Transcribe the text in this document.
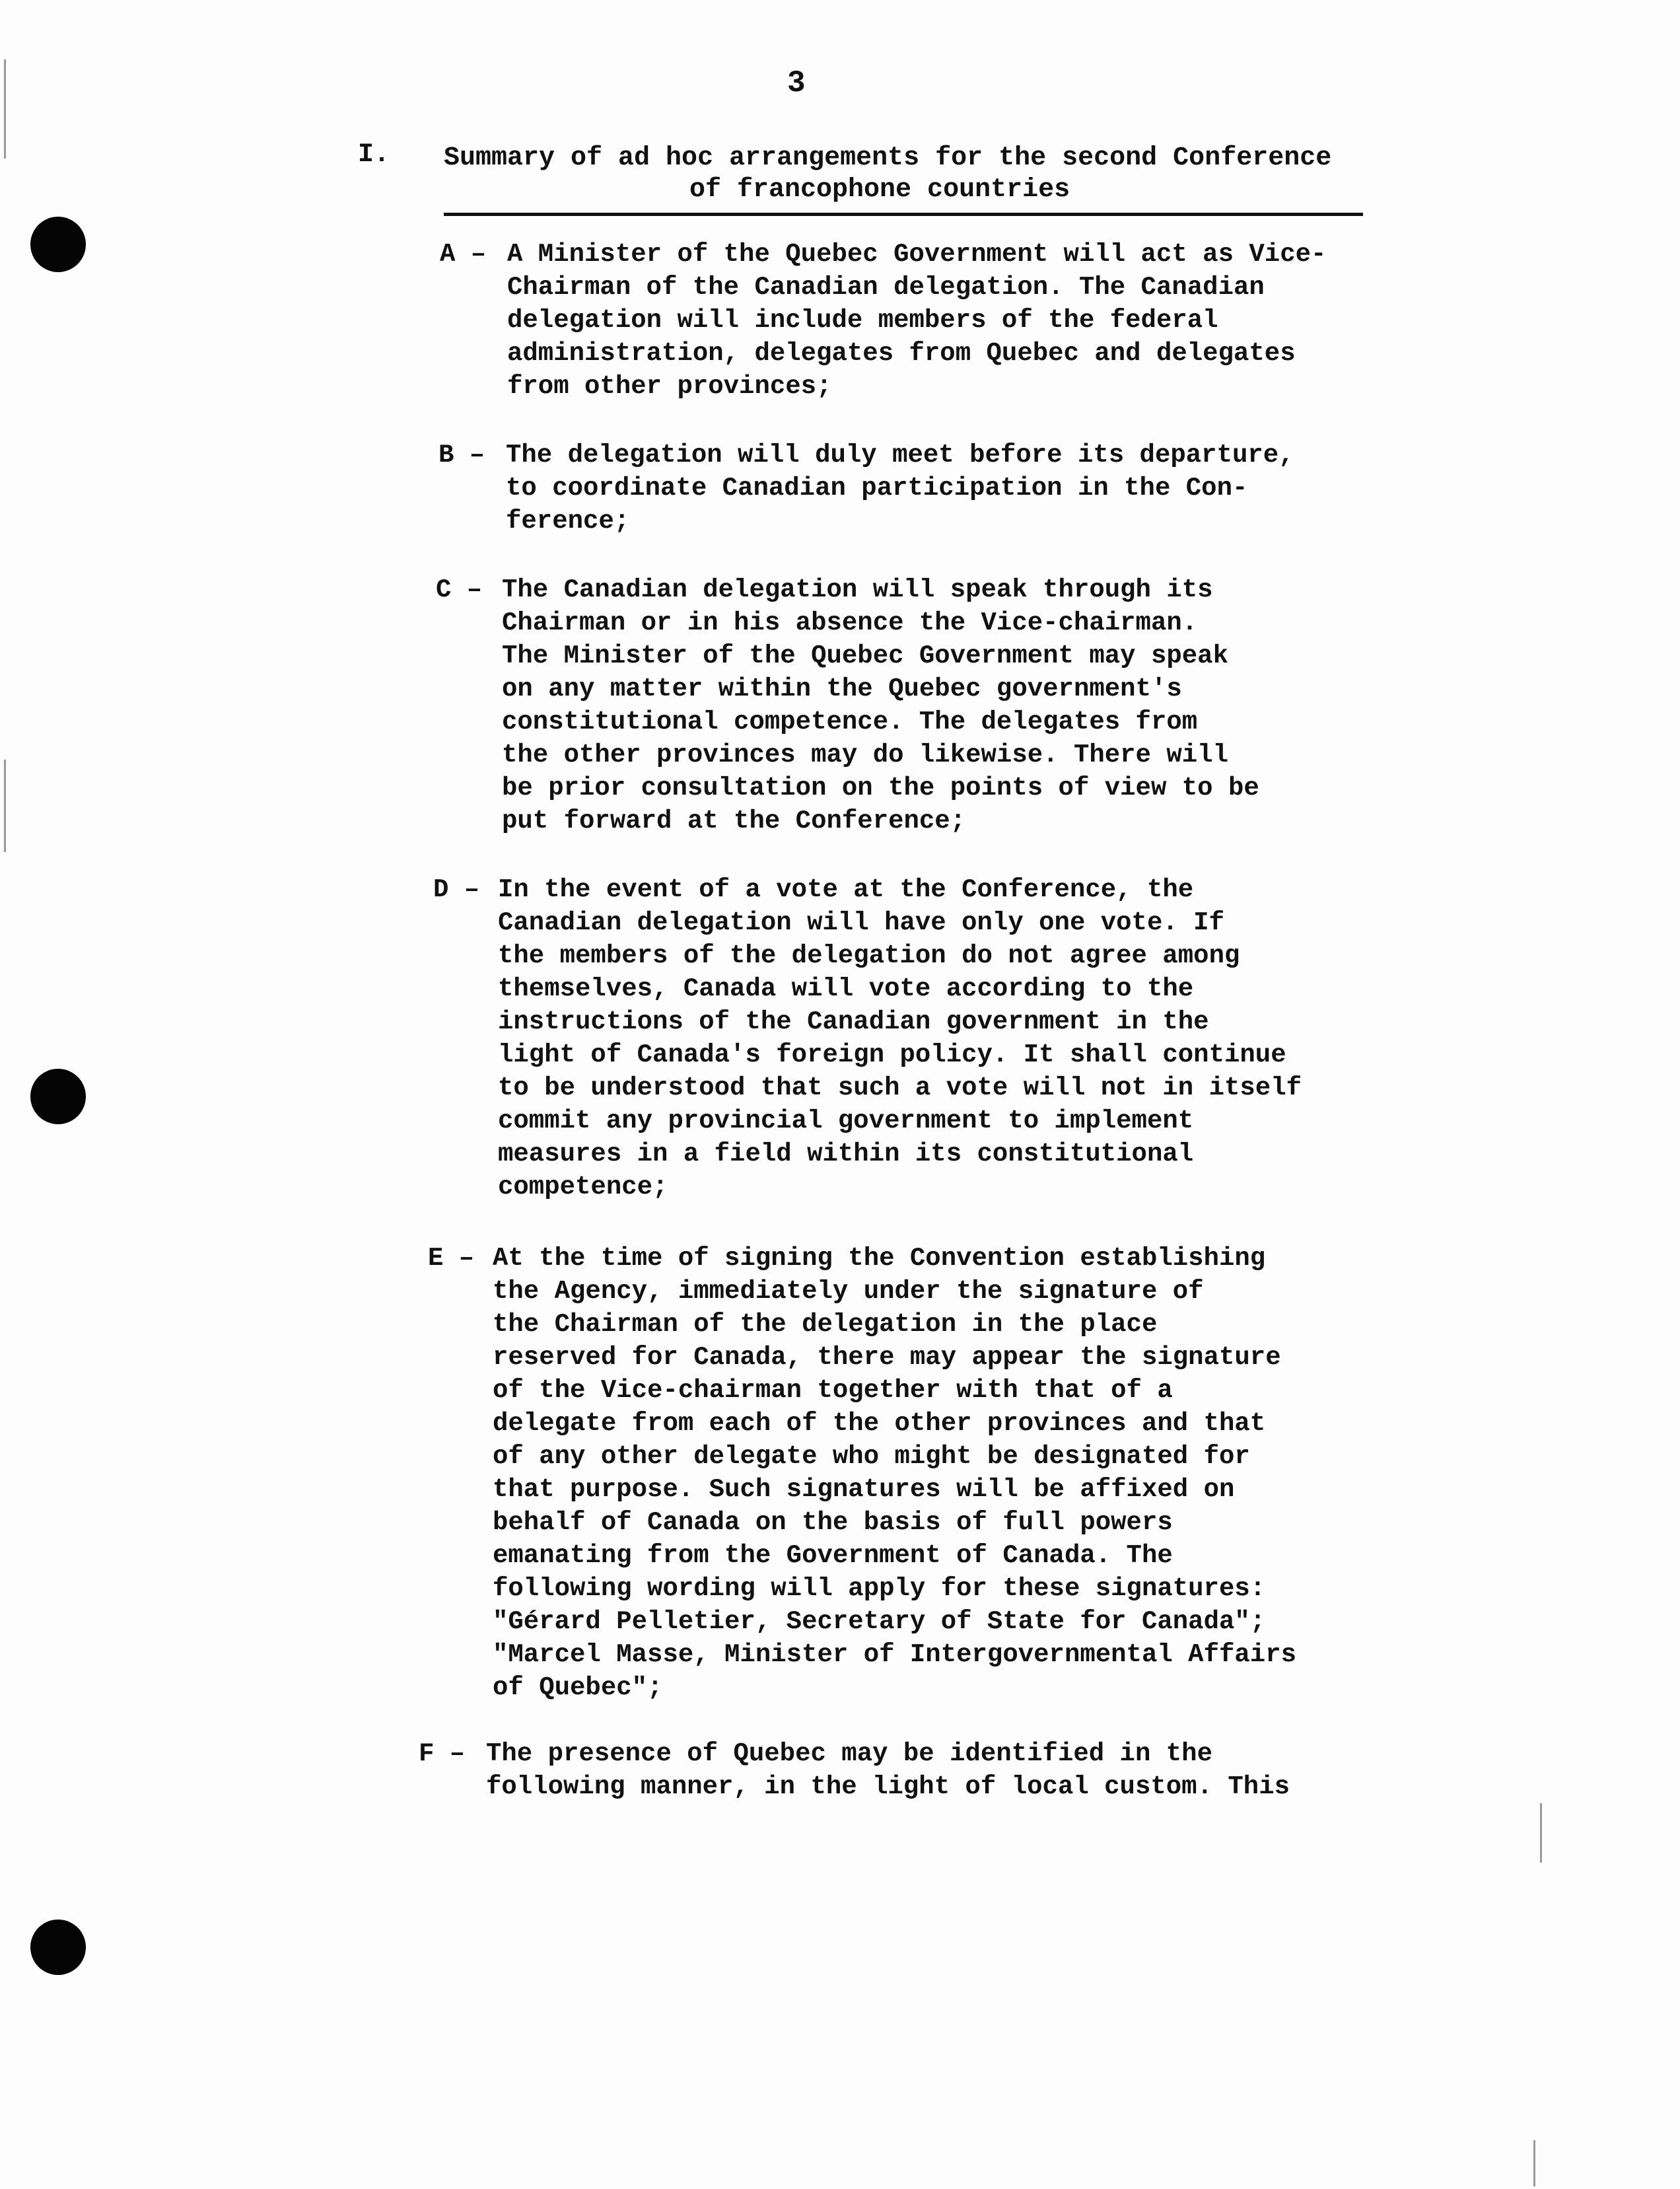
3
I. Summary of ad hoc arrangements for the second Conference
of francophone countries
A – A Minister of the Quebec Government will act as Vice-
Chairman of the Canadian delegation. The Canadian
delegation will include members of the federal
administration, delegates from Quebec and delegates
from other provinces;
B – The delegation will duly meet before its departure,
to coordinate Canadian participation in the Con-
ference;
C – The Canadian delegation will speak through its
Chairman or in his absence the Vice-chairman.
The Minister of the Quebec Government may speak
on any matter within the Quebec government's
constitutional competence. The delegates from
the other provinces may do likewise. There will
be prior consultation on the points of view to be
put forward at the Conference;
D – In the event of a vote at the Conference, the
Canadian delegation will have only one vote. If
the members of the delegation do not agree among
themselves, Canada will vote according to the
instructions of the Canadian government in the
light of Canada's foreign policy. It shall continue
to be understood that such a vote will not in itself
commit any provincial government to implement
measures in a field within its constitutional
competence;
E – At the time of signing the Convention establishing
the Agency, immediately under the signature of
the Chairman of the delegation in the place
reserved for Canada, there may appear the signature
of the Vice-chairman together with that of a
delegate from each of the other provinces and that
of any other delegate who might be designated for
that purpose. Such signatures will be affixed on
behalf of Canada on the basis of full powers
emanating from the Government of Canada. The
following wording will apply for these signatures:
"Gérard Pelletier, Secretary of State for Canada";
"Marcel Masse, Minister of Intergovernmental Affairs
of Quebec";
F – The presence of Quebec may be identified in the
following manner, in the light of local custom. This
